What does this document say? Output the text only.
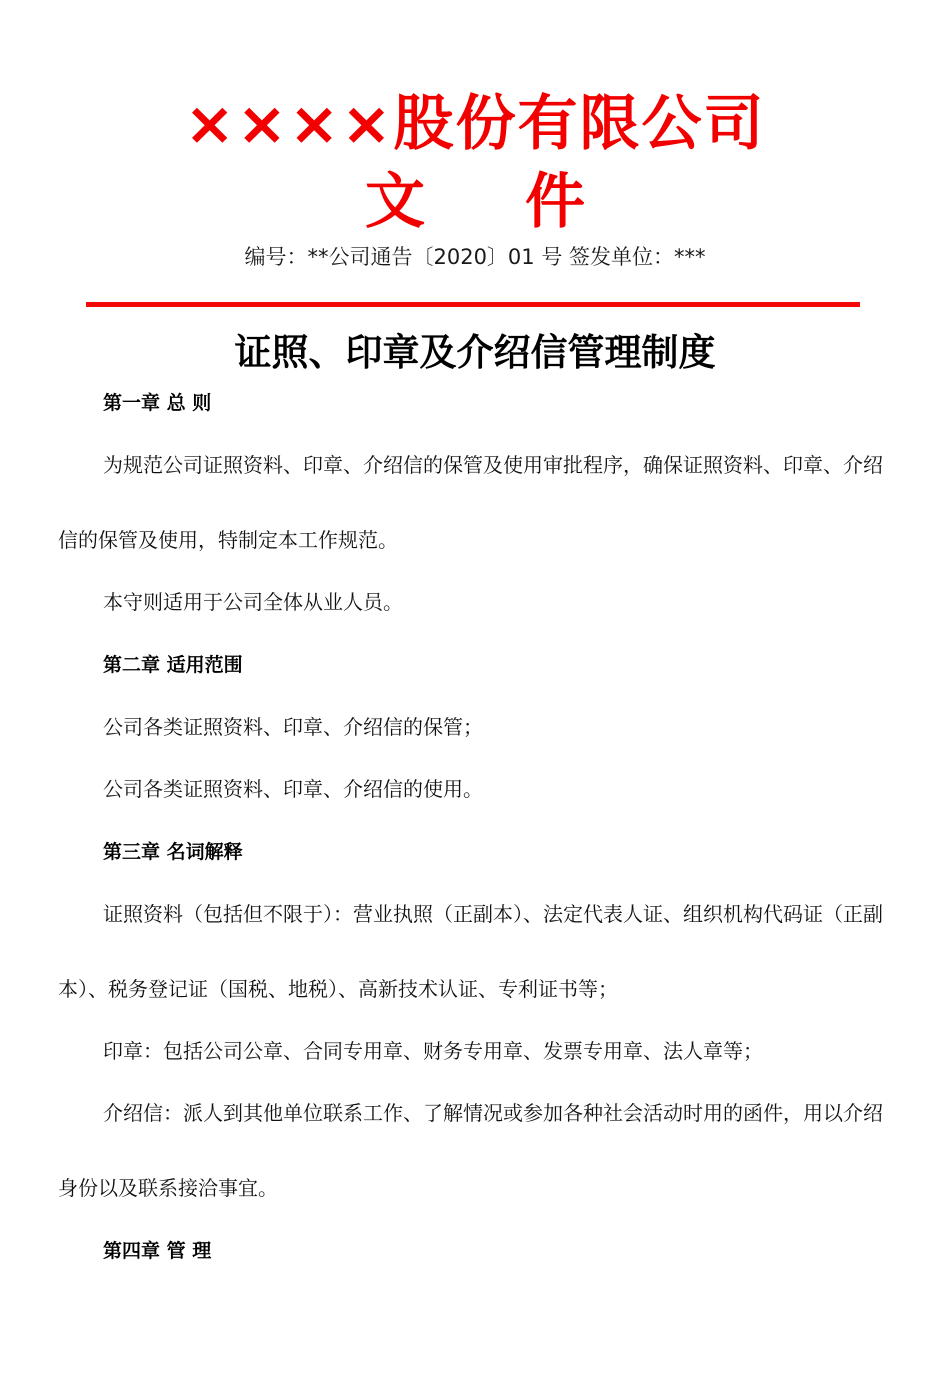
××××股份有限公司
文 件
编号：**公司通告〔2020〕01 号 签发单位：***
证照、印章及介绍信管理制度
第一章 总 则

为规范公司证照资料、印章、介绍信的保管及使用审批程序，确保证照资料、印章、介绍信的保管及使用，特制定本工作规范。

本守则适用于公司全体从业人员。

第二章 适用范围

公司各类证照资料、印章、介绍信的保管；

公司各类证照资料、印章、介绍信的使用。

第三章 名词解释

证照资料（包括但不限于）：营业执照（正副本）、法定代表人证、组织机构代码证（正副本）、税务登记证（国税、地税）、高新技术认证、专利证书等；

印章：包括公司公章、合同专用章、财务专用章、发票专用章、法人章等；

介绍信：派人到其他单位联系工作、了解情况或参加各种社会活动时用的函件，用以介绍身份以及联系接洽事宜。

第四章 管 理
